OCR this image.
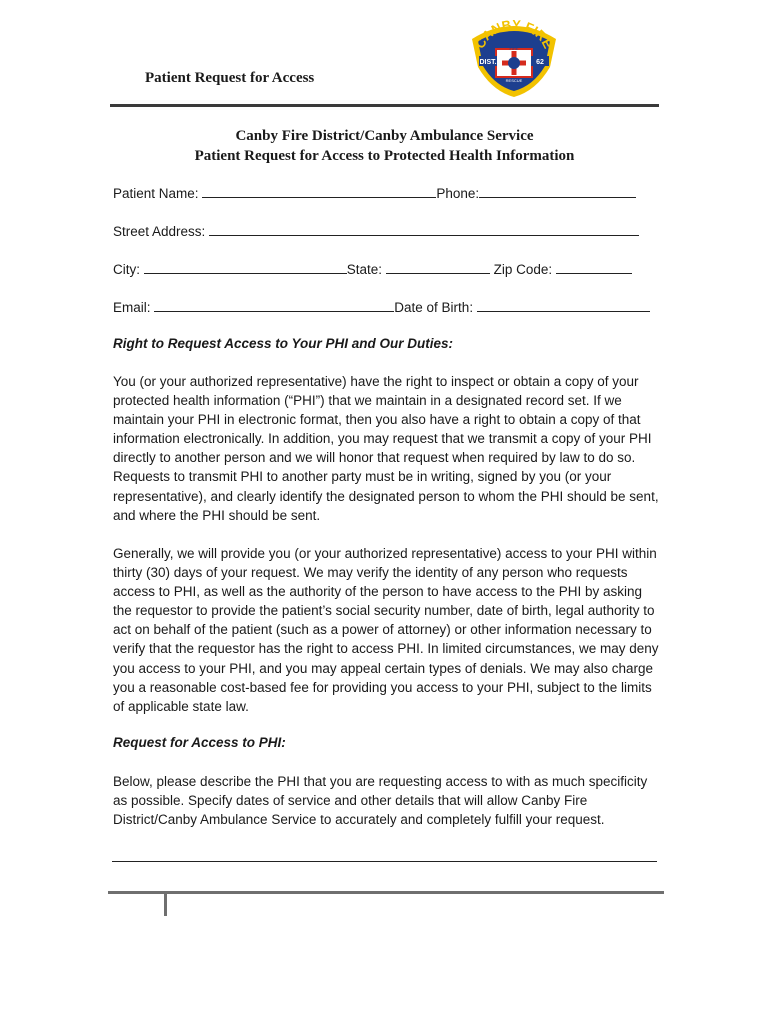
Patient Request for Access
CANBY FIRE
DIST.	62
FIRE
RESCUE
Canby Fire District/Canby Ambulance Service
Patient Request for Access to Protected Health Information
Patient Name:	Phone:
Street Address:
City:	State:	Zip Code:
Email:	Date of Birth:
Right to Request Access to Your PHI and Our Duties:

You (or your authorized representative) have the right to inspect or obtain a copy of your protected health information (“PHI”) that we maintain in a designated record set. If we maintain your PHI in electronic format, then you also have a right to obtain a copy of that information electronically. In addition, you may request that we transmit a copy of your PHI directly to another person and we will honor that request when required by law to do so. Requests to transmit PHI to another party must be in writing, signed by you (or your representative), and clearly identify the designated person to whom the PHI should be sent, and where the PHI should be sent.

Generally, we will provide you (or your authorized representative) access to your PHI within thirty (30) days of your request. We may verify the identity of any person who requests access to PHI, as well as the authority of the person to have access to the PHI by asking the requestor to provide the patient’s social security number, date of birth, legal authority to act on behalf of the patient (such as a power of attorney) or other information necessary to verify that the requestor has the right to access PHI. In limited circumstances, we may deny you access to your PHI, and you may appeal certain types of denials. We may also charge you a reasonable cost-based fee for providing you access to your PHI, subject to the limits of applicable state law.

Request for Access to PHI:

Below, please describe the PHI that you are requesting access to with as much specificity as possible. Specify dates of service and other details that will allow Canby Fire District/Canby Ambulance Service to accurately and completely fulfill your request.
